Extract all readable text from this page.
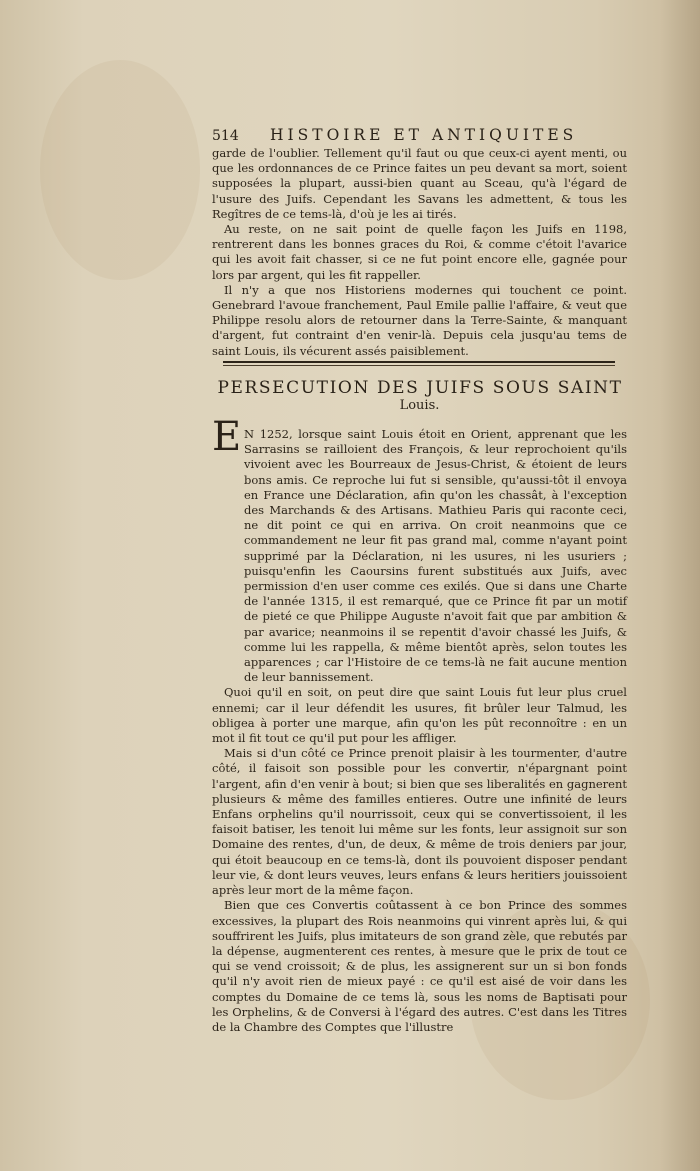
514 HISTOIRE ET ANTIQUITES

garde de l'oublier. Tellement qu'il faut ou que ceux-ci ayent menti, ou que les ordonnances de ce Prince faites un peu devant sa mort, soient supposées la plupart, aussi-bien quant au Sceau, qu'à l'égard de l'usure des Juifs. Cependant les Savans les admettent, & tous les Regîtres de ce tems-là, d'où je les ai tirés.

Au reste, on ne sait point de quelle façon les Juifs en 1198, rentrerent dans les bonnes graces du Roi, & comme c'étoit l'avarice qui les avoit fait chasser, si ce ne fut point encore elle, gagnée pour lors par argent, qui les fit rappeller.

Il n'y a que nos Historiens modernes qui touchent ce point. Genebrard l'avoue franchement, Paul Emile pallie l'affaire, & veut que Philippe resolu alors de retourner dans la Terre-Sainte, & manquant d'argent, fut contraint d'en venir-là. Depuis cela jusqu'au tems de saint Louis, ils vécurent assés paisiblement.

PERSECUTION DES JUIFS SOUS SAINT
Louis.
E N 1252, lorsque saint Louis étoit en Orient, apprenant que les Sarrasins se railloient des François, & leur reprochoient qu'ils vivoient avec les Bourreaux de Jesus-Christ, & étoient de leurs bons amis. Ce reproche lui fut si sensible, qu'aussi-tôt il envoya en France une Déclaration, afin qu'on les chassât, à l'exception des Marchands & des Artisans. Mathieu Paris qui raconte ceci, ne dit point ce qui en arriva. On croit neanmoins que ce commandement ne leur fit pas grand mal, comme n'ayant point supprimé par la Déclaration, ni les usures, ni les usuriers ; puisqu'enfin les Caoursins furent substitués aux Juifs, avec permission d'en user comme ces exilés. Que si dans une Charte de l'année 1315, il est remarqué, que ce Prince fit par un motif de pieté ce que Philippe Auguste n'avoit fait que par ambition & par avarice; neanmoins il se repentit d'avoir chassé les Juifs, & comme lui les rappella, & même bientôt après, selon toutes les apparences ; car l'Histoire de ce tems-là ne fait aucune mention de leur bannissement.

Quoi qu'il en soit, on peut dire que saint Louis fut leur plus cruel ennemi; car il leur défendit les usures, fit brûler leur Talmud, les obligea à porter une marque, afin qu'on les pût reconnoître : en un mot il fit tout ce qu'il put pour les affliger.

Mais si d'un côté ce Prince prenoit plaisir à les tourmenter, d'autre côté, il faisoit son possible pour les convertir, n'épargnant point l'argent, afin d'en venir à bout; si bien que ses liberalités en gagnerent plusieurs & même des familles entieres. Outre une infinité de leurs Enfans orphelins qu'il nourrissoit, ceux qui se convertissoient, il les faisoit batiser, les tenoit lui même sur les fonts, leur assignoit sur son Domaine des rentes, d'un, de deux, & même de trois deniers par jour, qui étoit beaucoup en ce tems-là, dont ils pouvoient disposer pendant leur vie, & dont leurs veuves, leurs enfans & leurs heritiers jouissoient après leur mort de la même façon.

Bien que ces Convertis coûtassent à ce bon Prince des sommes excessives, la plupart des Rois neanmoins qui vinrent après lui, & qui souffrirent les Juifs, plus imitateurs de son grand zèle, que rebutés par la dépense, augmenterent ces rentes, à mesure que le prix de tout ce qui se vend croissoit; & de plus, les assignerent sur un si bon fonds qu'il n'y avoit rien de mieux payé : ce qu'il est aisé de voir dans les comptes du Domaine de ce tems là, sous les noms de Baptisati pour les Orphelins, & de Conversi à l'égard des autres. C'est dans les Titres de la Chambre des Comptes que l'illustre
